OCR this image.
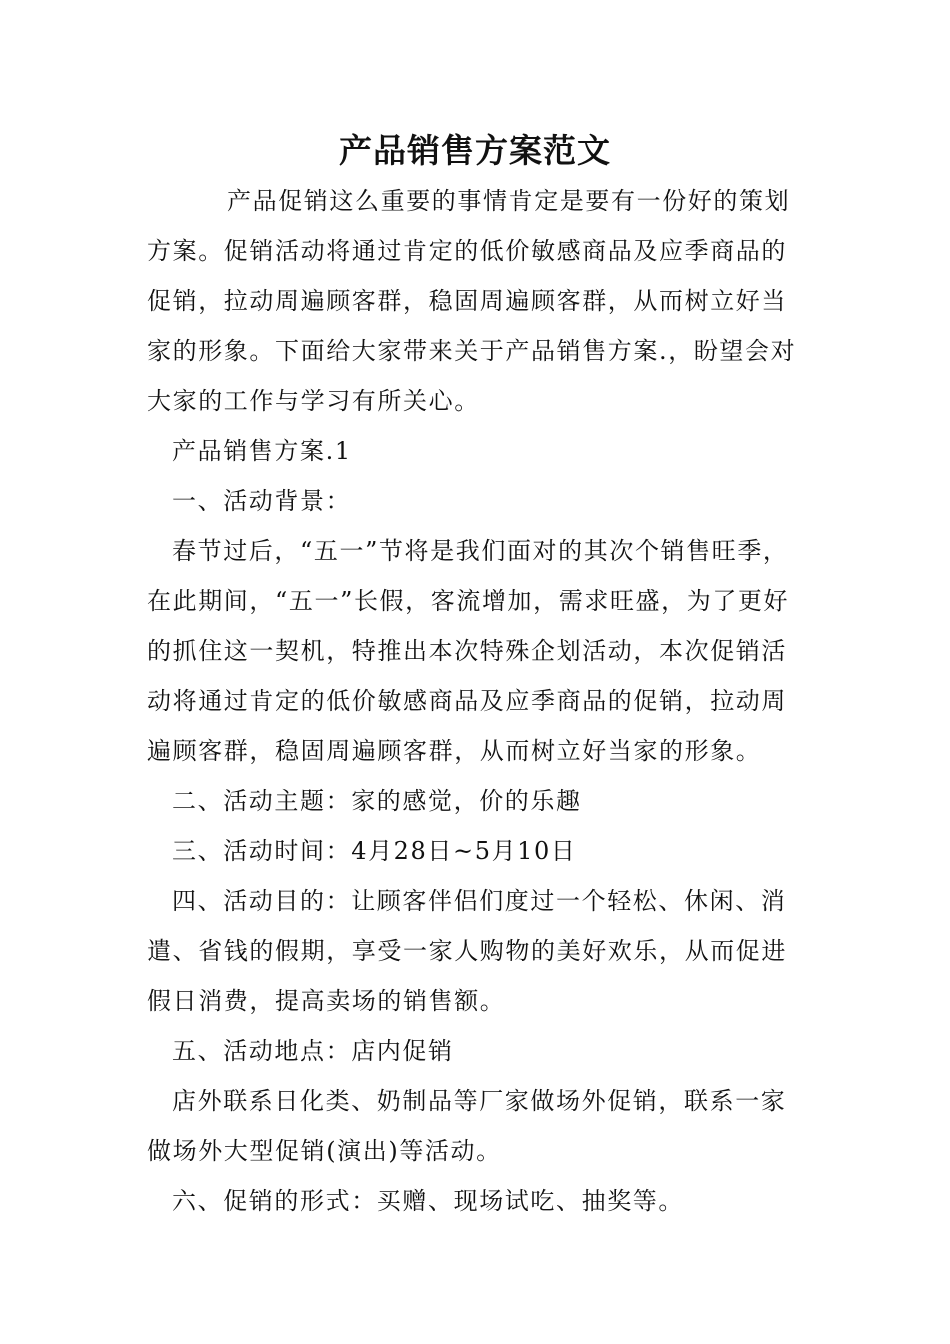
产品销售方案范文

产品促销这么重要的事情肯定是要有一份好的策划方案。促销活动将通过肯定的低价敏感商品及应季商品的促销，拉动周遍顾客群，稳固周遍顾客群，从而树立好当家的形象。下面给大家带来关于产品销售方案.，盼望会对大家的工作与学习有所关心。

产品销售方案.1

一、活动背景：

春节过后，“五一”节将是我们面对的其次个销售旺季，在此期间，“五一”长假，客流增加，需求旺盛，为了更好的抓住这一契机，特推出本次特殊企划活动，本次促销活动将通过肯定的低价敏感商品及应季商品的促销，拉动周遍顾客群，稳固周遍顾客群，从而树立好当家的形象。

二、活动主题：家的感觉，价的乐趣

三、活动时间：4月28日~5月10日

四、活动目的：让顾客伴侣们度过一个轻松、休闲、消遣、省钱的假期，享受一家人购物的美好欢乐，从而促进假日消费，提高卖场的销售额。

五、活动地点：店内促销

店外联系日化类、奶制品等厂家做场外促销，联系一家做场外大型促销(演出)等活动。

六、促销的形式：买赠、现场试吃、抽奖等。
